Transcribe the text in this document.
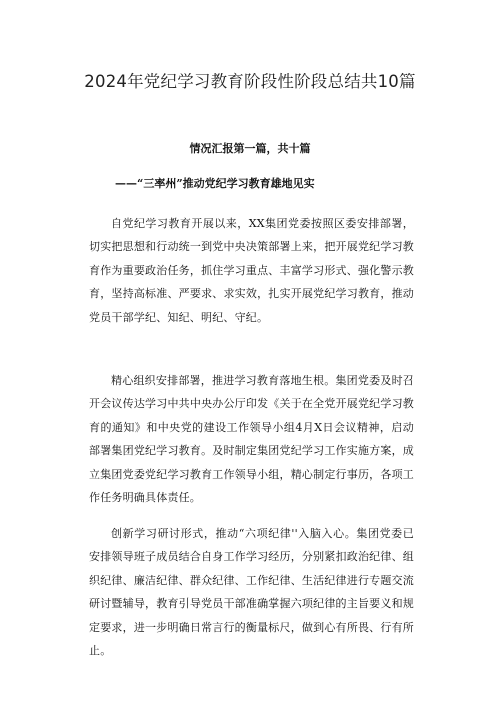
2024年党纪学习教育阶段性阶段总结共10篇
情况汇报第一篇，共十篇
——“三率州”推动党纪学习教育雄地见实

自党纪学习教育开展以来，XX集团党委按照区委安排部署，切实把思想和行动统一到党中央决策部署上来，把开展党纪学习教育作为重要政治任务，抓住学习重点、丰富学习形式、强化警示教育，坚持高标准、严要求、求实效，扎实开展党纪学习教育，推动党员干部学纪、知纪、明纪、守纪。

精心组织安排部署，推进学习教育落地生根。集团党委及时召开会议传达学习中共中央办公厅印发《关于在全党开展党纪学习教育的通知》和中央党的建设工作领导小组4月X日会议精神，启动部署集团党纪学习教育。及时制定集团党纪学习工作实施方案，成立集团党委党纪学习教育工作领导小组，精心制定行事历，各项工作任务明确具体责任。

创新学习研讨形式，推动“六项纪律''入脑入心。集团党委已安排领导班子成员结合自身工作学习经历，分别紧扣政治纪律、组织纪律、廉洁纪律、群众纪律、工作纪律、生活纪律进行专题交流研讨暨辅导，教育引导党员干部准确掌握六项纪律的主旨要义和规定要求，进一步明确日常言行的衡量标尺，做到心有所畏、行有所止。
